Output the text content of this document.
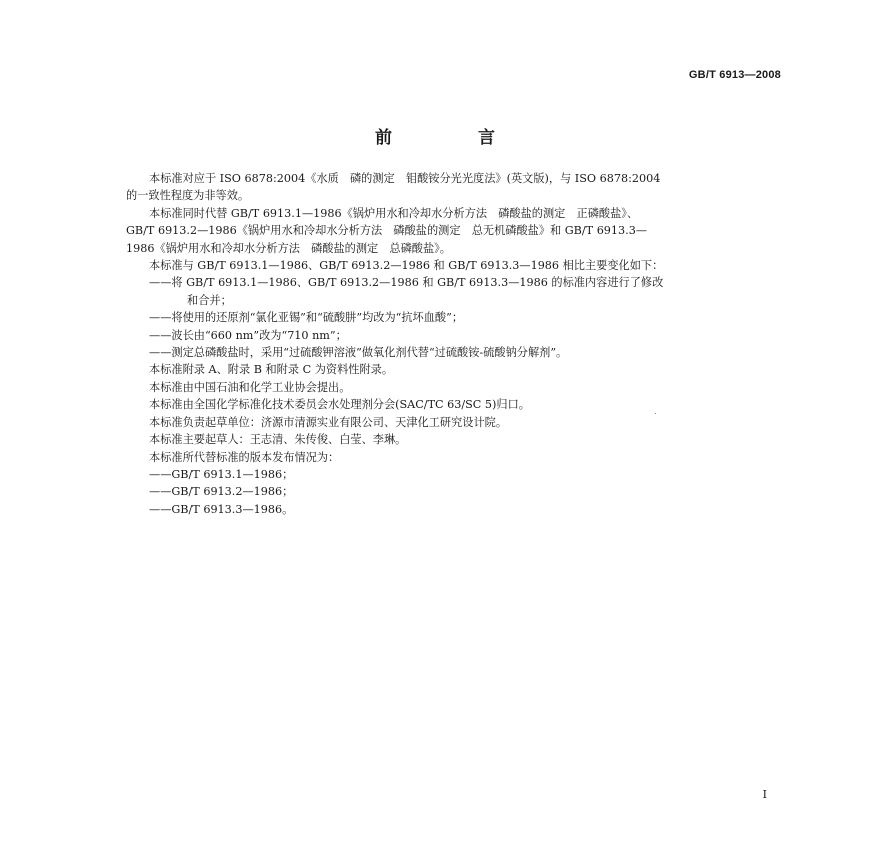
GB/T 6913—2008
前 言

本标准对应于 ISO 6878:2004《水质　磷的测定　钼酸铵分光光度法》(英文版)，与 ISO 6878:2004

的一致性程度为非等效。

本标准同时代替 GB/T 6913.1—1986《锅炉用水和冷却水分析方法　磷酸盐的测定　正磷酸盐》、

GB/T 6913.2—1986《锅炉用水和冷却水分析方法　磷酸盐的测定　总无机磷酸盐》和 GB/T 6913.3—

1986《锅炉用水和冷却水分析方法　磷酸盐的测定　总磷酸盐》。

本标准与 GB/T 6913.1—1986、GB/T 6913.2—1986 和 GB/T 6913.3—1986 相比主要变化如下：

——将 GB/T 6913.1—1986、GB/T 6913.2—1986 和 GB/T 6913.3—1986 的标准内容进行了修改

和合并；

——将使用的还原剂“氯化亚锡”和“硫酸肼”均改为“抗坏血酸”；

——波长由“660 nm”改为“710 nm”；

——测定总磷酸盐时，采用“过硫酸钾溶液”做氧化剂代替“过硫酸铵-硫酸钠分解剂”。

本标准附录 A、附录 B 和附录 C 为资料性附录。

本标准由中国石油和化学工业协会提出。

本标准由全国化学标准化技术委员会水处理剂分会(SAC/TC 63/SC 5)归口。

本标准负责起草单位：济源市清源实业有限公司、天津化工研究设计院。

本标准主要起草人：王志清、朱传俊、白莹、李琳。

本标准所代替标准的版本发布情况为：

——GB/T 6913.1—1986；

——GB/T 6913.2—1986；

——GB/T 6913.3—1986。

I
